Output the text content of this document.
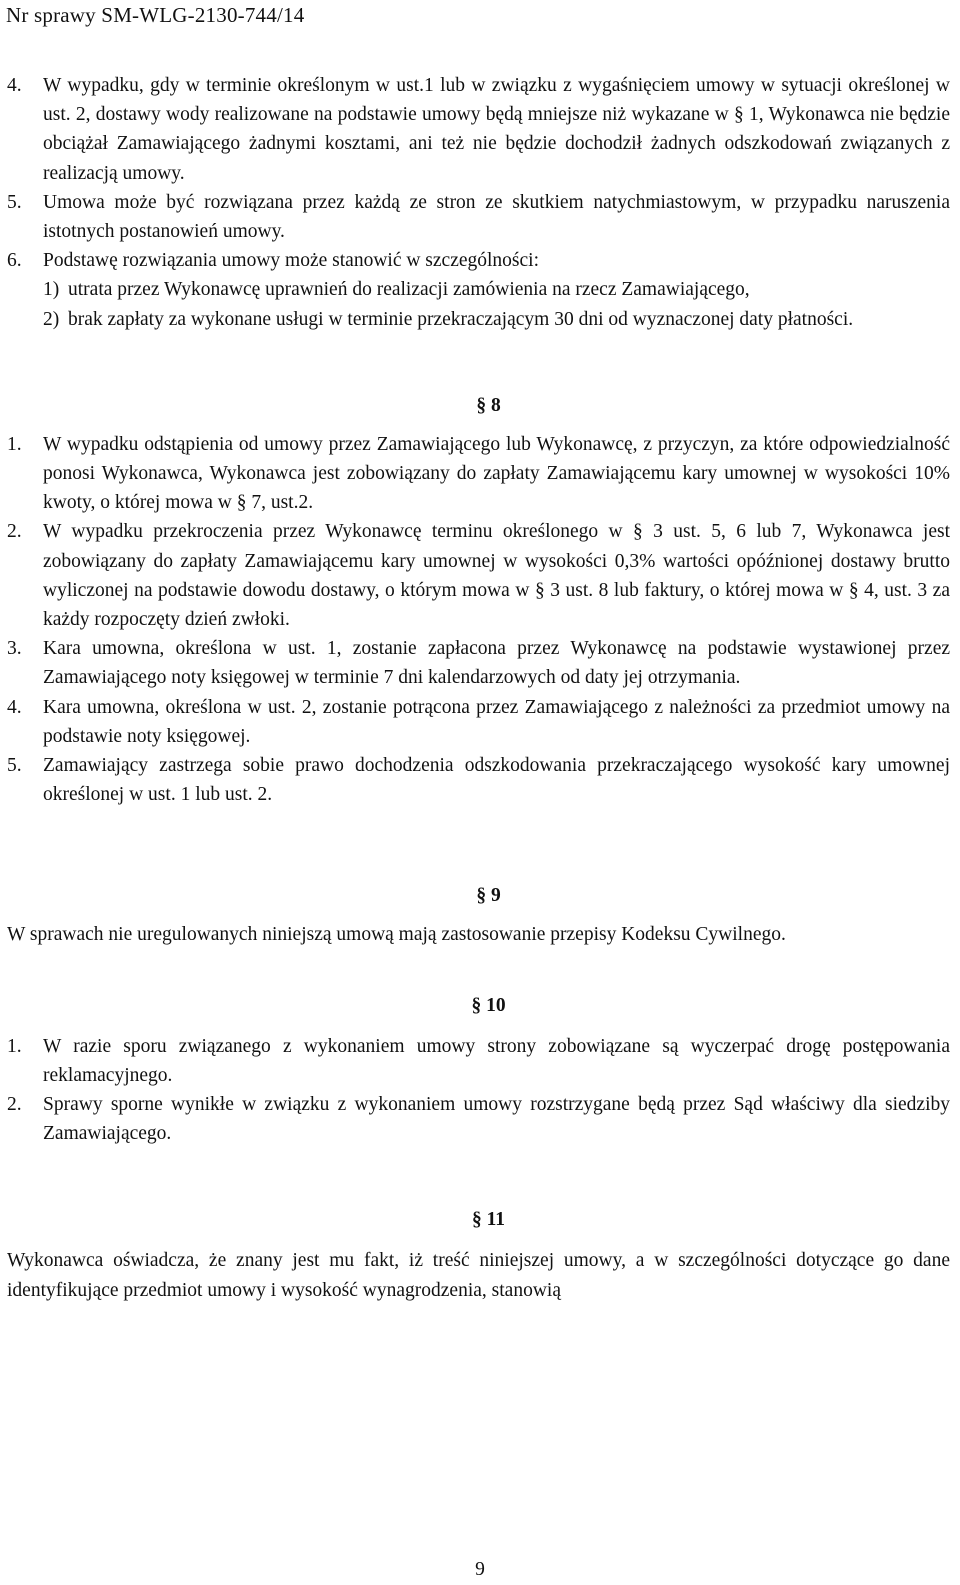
Nr sprawy SM-WLG-2130-744/14
4.	W wypadku, gdy w terminie określonym w ust.1 lub w związku z wygaśnięciem umowy w sytuacji określonej w ust. 2, dostawy wody realizowane na podstawie umowy będą mniejsze niż wykazane w § 1, Wykonawca nie będzie obciążał Zamawiającego żadnymi kosztami, ani też nie będzie dochodził żadnych odszkodowań związanych z realizacją umowy.
5.	Umowa może być rozwiązana przez każdą ze stron ze skutkiem natychmiastowym, w przypadku naruszenia istotnych postanowień umowy.
6.	Podstawę rozwiązania umowy może stanowić w szczególności:
1) utrata przez Wykonawcę uprawnień do realizacji zamówienia na rzecz Zamawiającego,
2) brak zapłaty za wykonane usługi w terminie przekraczającym 30 dni od wyznaczonej daty płatności.
§ 8
1.	W wypadku odstąpienia od umowy przez Zamawiającego lub Wykonawcę, z przyczyn, za które odpowiedzialność ponosi Wykonawca, Wykonawca jest zobowiązany do zapłaty Zamawiającemu kary umownej w wysokości 10% kwoty, o której mowa w § 7, ust.2.
2.	W wypadku przekroczenia przez Wykonawcę terminu określonego w § 3 ust. 5, 6 lub 7, Wykonawca jest zobowiązany do zapłaty Zamawiającemu kary umownej w wysokości 0,3% wartości opóźnionej dostawy brutto wyliczonej na podstawie dowodu dostawy, o którym mowa w § 3 ust. 8 lub faktury, o której mowa w § 4, ust. 3 za każdy rozpoczęty dzień zwłoki.
3.	Kara umowna, określona w ust. 1, zostanie zapłacona przez Wykonawcę na podstawie wystawionej przez Zamawiającego noty księgowej w terminie 7 dni kalendarzowych od daty jej otrzymania.
4.	Kara umowna, określona w ust. 2, zostanie potrącona przez Zamawiającego z należności za przedmiot umowy na podstawie noty księgowej.
5.	Zamawiający zastrzega sobie prawo dochodzenia odszkodowania przekraczającego wysokość kary umownej określonej w ust. 1 lub ust. 2.
§ 9
W sprawach nie uregulowanych niniejszą umową mają zastosowanie przepisy Kodeksu Cywilnego.
§ 10
1.	W razie sporu związanego z wykonaniem umowy strony zobowiązane są wyczerpać drogę postępowania reklamacyjnego.
2.	Sprawy sporne wynikłe w związku z wykonaniem umowy rozstrzygane będą przez Sąd właściwy dla siedziby Zamawiającego.
§ 11
Wykonawca oświadcza, że znany jest mu fakt, iż treść niniejszej umowy, a w szczególności dotyczące go dane identyfikujące przedmiot umowy i wysokość wynagrodzenia, stanowią
9
